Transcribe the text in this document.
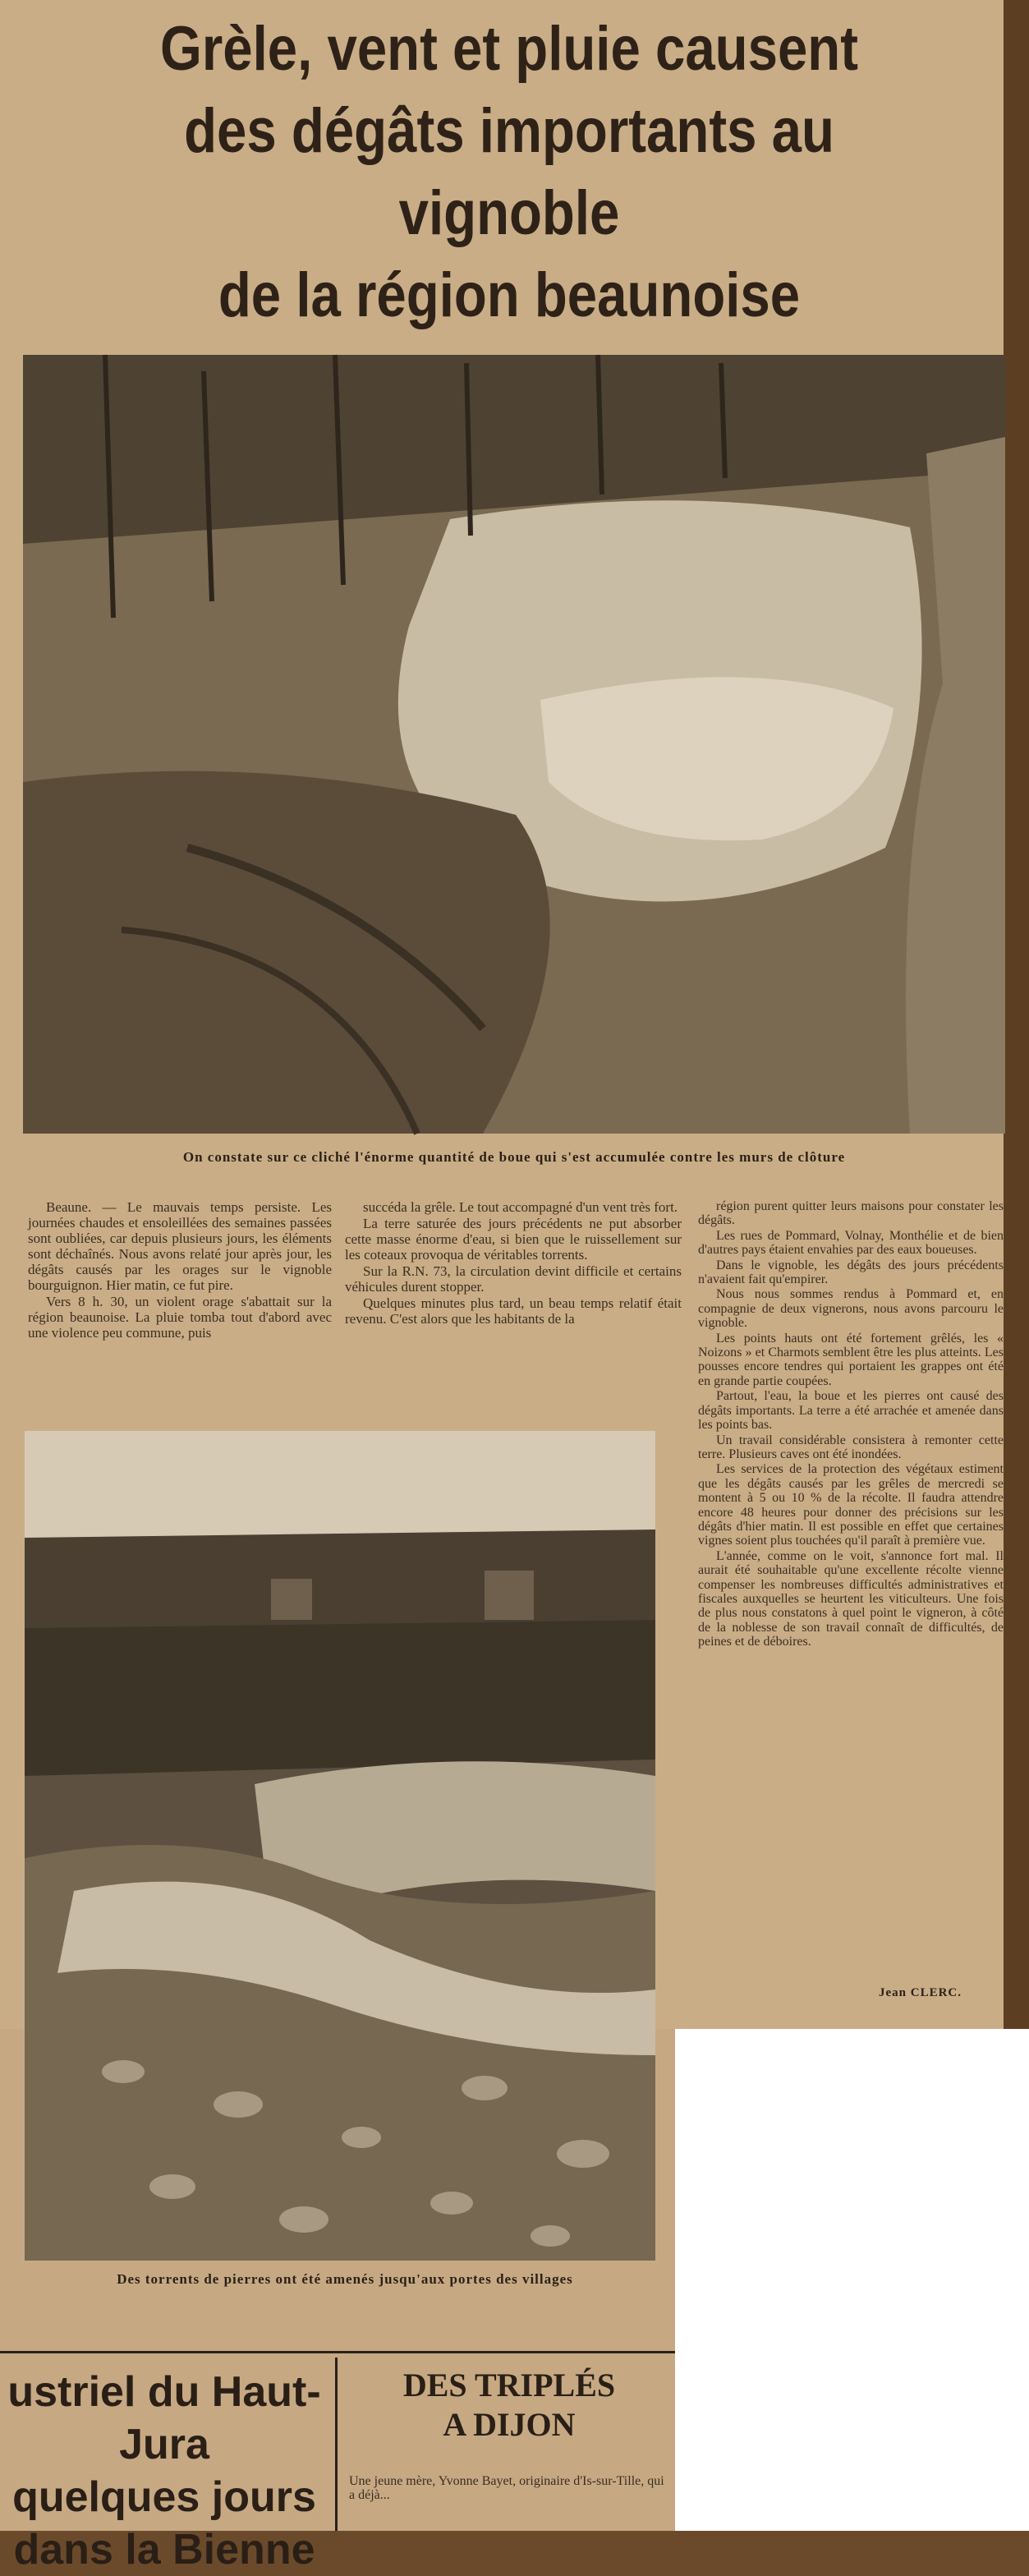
Grèle, vent et pluie causent
des dégâts importants au vignoble
de la région beaunoise
On constate sur ce cliché l'énorme quantité de boue qui s'est accumulée contre les murs de clôture

Beaune. — Le mauvais temps persiste. Les journées chaudes et ensoleillées des semaines passées sont oubliées, car depuis plusieurs jours, les éléments sont déchaînés. Nous avons relaté jour après jour, les dégâts causés par les orages sur le vignoble bourguignon. Hier matin, ce fut pire.

Vers 8 h. 30, un violent orage s'abattait sur la région beaunoise. La pluie tomba tout d'abord avec une violence peu commune, puis

succéda la grêle. Le tout accompagné d'un vent très fort.

La terre saturée des jours précédents ne put absorber cette masse énorme d'eau, si bien que le ruissellement sur les coteaux provoqua de véritables torrents.

Sur la R.N. 73, la circulation devint difficile et certains véhicules durent stopper.

Quelques minutes plus tard, un beau temps relatif était revenu. C'est alors que les habitants de la

région purent quitter leurs maisons pour constater les dégâts.

Les rues de Pommard, Volnay, Monthélie et de bien d'autres pays étaient envahies par des eaux boueuses.

Dans le vignoble, les dégâts des jours précédents n'avaient fait qu'empirer.

Nous nous sommes rendus à Pommard et, en compagnie de deux vignerons, nous avons parcouru le vignoble.

Les points hauts ont été fortement grêlés, les « Noizons » et Charmots semblent être les plus atteints. Les pousses encore tendres qui portaient les grappes ont été en grande partie coupées.

Partout, l'eau, la boue et les pierres ont causé des dégâts importants. La terre a été arrachée et amenée dans les points bas.

Un travail considérable consistera à remonter cette terre. Plusieurs caves ont été inondées.

Les services de la protection des végétaux estiment que les dégâts causés par les grêles de mercredi se montent à 5 ou 10 % de la récolte. Il faudra attendre encore 48 heures pour donner des précisions sur les dégâts d'hier matin. Il est possible en effet que certaines vignes soient plus touchées qu'il paraît à première vue.

L'année, comme on le voit, s'annonce fort mal. Il aurait été souhaitable qu'une excellente récolte vienne compenser les nombreuses difficultés administratives et fiscales auxquelles se heurtent les viticulteurs. Une fois de plus nous constatons à quel point le vigneron, à côté de la noblesse de son travail connaît de difficultés, de peines et de déboires.

Jean CLERC.
Des torrents de pierres ont été amenés jusqu'aux portes des villages
ustriel du Haut-Jura
quelques jours
dans la Bienne
DES TRIPLÉS
A DIJON
Une jeune mère, Yvonne Bayet, originaire d'Is-sur-Tille, qui a déjà...
